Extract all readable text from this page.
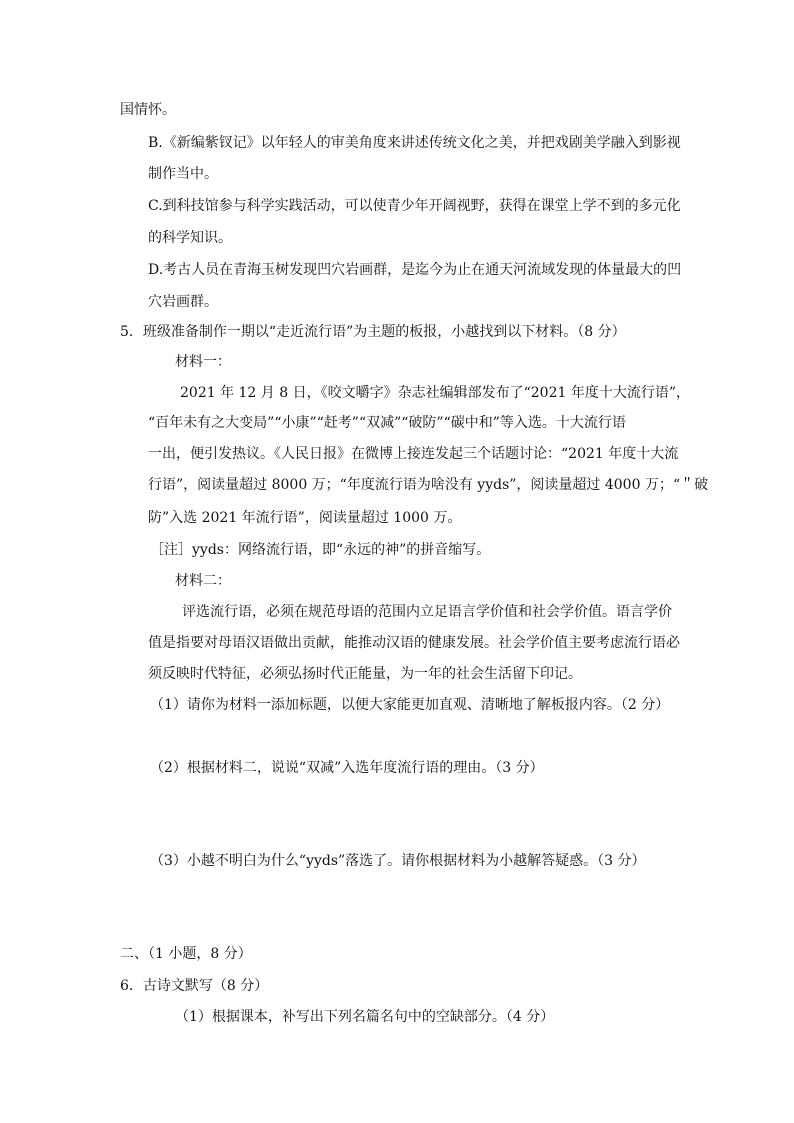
国情怀。
B.《新编紫钗记》以年轻人的审美角度来讲述传统文化之美，并把戏剧美学融入到影视
制作当中。
C.到科技馆参与科学实践活动，可以使青少年开阔视野，获得在课堂上学不到的多元化
的科学知识。
D.考古人员在青海玉树发现凹穴岩画群，是迄今为止在通天河流域发现的体量最大的凹
穴岩画群。
5．班级准备制作一期以“走近流行语”为主题的板报，小越找到以下材料。（8 分）
材料一：
2021 年 12 月 8 日，《咬文嚼字》杂志社编辑部发布了“2021 年度十大流行语”，
“百年未有之大变局”“小康”“赶考”“双减”“破防”“碳中和”等入选。十大流行语
一出，便引发热议。《人民日报》在微博上接连发起三个话题讨论：“2021 年度十大流
行语”，阅读量超过 8000 万；“年度流行语为啥没有 yyds”，阅读量超过 4000 万；“＂破
防”入选 2021 年流行语”，阅读量超过 1000 万。
［注］yyds：网络流行语，即“永远的神”的拼音缩写。
材料二：
评选流行语，必须在规范母语的范围内立足语言学价值和社会学价值。语言学价
值是指要对母语汉语做出贡献，能推动汉语的健康发展。社会学价值主要考虑流行语必
须反映时代特征，必须弘扬时代正能量，为一年的社会生活留下印记。
（1）请你为材料一添加标题，以便大家能更加直观、清晰地了解板报内容。（2 分）
（2）根据材料二，说说“双减”入选年度流行语的理由。（3 分）
（3）小越不明白为什么“yyds”落选了。请你根据材料为小越解答疑惑。（3 分）
二、（1 小题，8 分）
6．古诗文默写（8 分）
（1）根据课本，补写出下列名篇名句中的空缺部分。（4 分）
